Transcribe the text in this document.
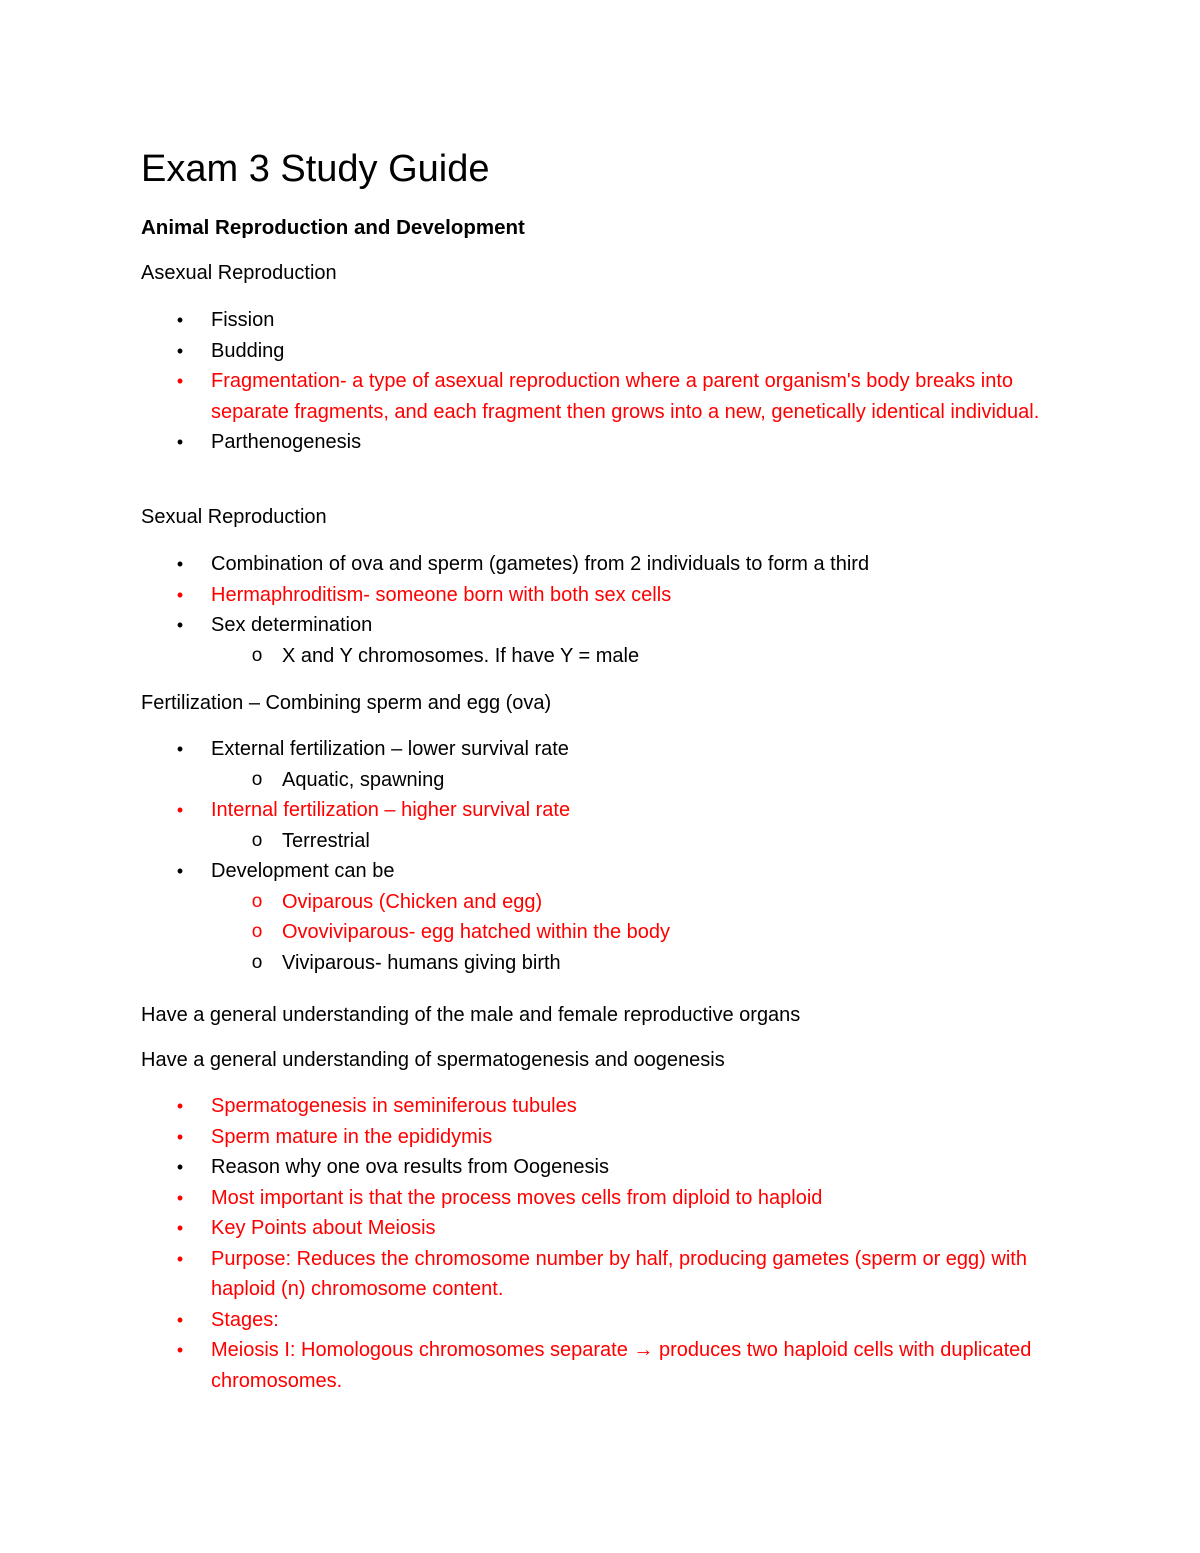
Exam 3 Study Guide
Animal Reproduction and Development

Asexual Reproduction

• Fission
• Budding
• Fragmentation- a type of asexual reproduction where a parent organism's body breaks into separate fragments, and each fragment then grows into a new, genetically identical individual.
• Parthenogenesis

Sexual Reproduction

• Combination of ova and sperm (gametes) from 2 individuals to form a third
• Hermaphroditism- someone born with both sex cells
• Sex determination
o X and Y chromosomes. If have Y = male

Fertilization – Combining sperm and egg (ova)

• External fertilization – lower survival rate
o Aquatic, spawning
• Internal fertilization – higher survival rate
o Terrestrial
• Development can be
o Oviparous (Chicken and egg)
o Ovoviviparous- egg hatched within the body
o Viviparous- humans giving birth

Have a general understanding of the male and female reproductive organs

Have a general understanding of spermatogenesis and oogenesis

• Spermatogenesis in seminiferous tubules
• Sperm mature in the epididymis
• Reason why one ova results from Oogenesis
• Most important is that the process moves cells from diploid to haploid
• Key Points about Meiosis
• Purpose: Reduces the chromosome number by half, producing gametes (sperm or egg) with haploid (n) chromosome content.
• Stages:
• Meiosis I: Homologous chromosomes separate → produces two haploid cells with duplicated chromosomes.
